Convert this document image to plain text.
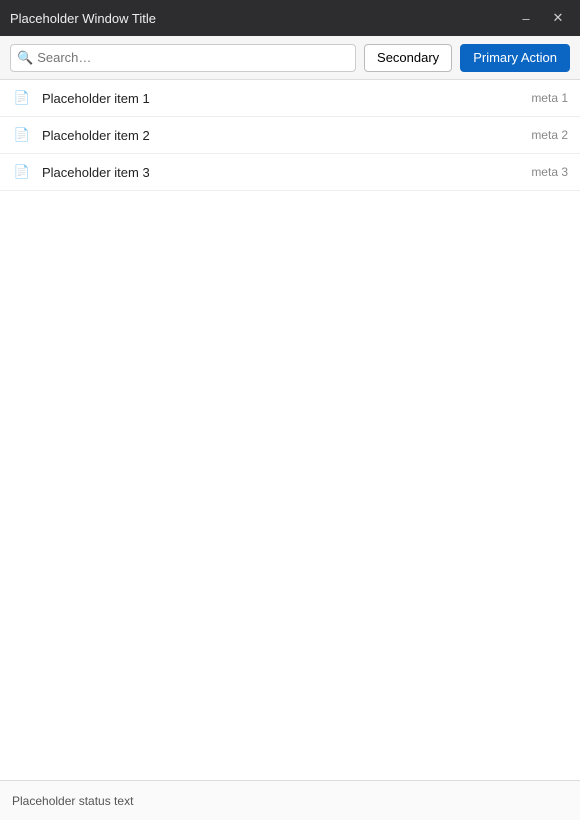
Placeholder Window Title	–	✕
🔍
Search…	Secondary	Primary Action
📄 Placeholder item 1	meta 1
📄 Placeholder item 2	meta 2
📄 Placeholder item 3	meta 3
Placeholder status text
